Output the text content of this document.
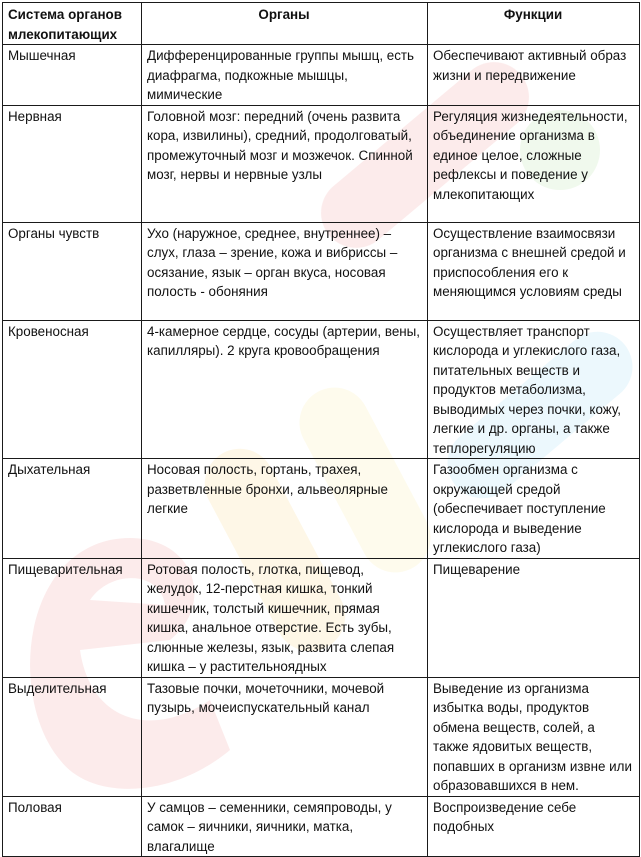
Система органов млекопитающих	Органы	Функции
Мышечная	Дифференцированные группы мышц, есть диафрагма, подкожные мышцы, мимические	Обеспечивают активный образ жизни и передвижение
Нервная	Головной мозг: передний (очень развита кора, извилины), средний, продолговатый, промежуточный мозг и мозжечок. Спинной мозг, нервы и нервные узлы	Регуляция жизнедеятельности, объединение организма в единое целое, сложные рефлексы и поведение у млекопитающих
Органы чувств	Ухо (наружное, среднее, внутреннее) – слух, глаза – зрение, кожа и вибриссы – осязание, язык – орган вкуса, носовая полость - обоняния	Осуществление взаимосвязи организма с внешней средой и приспособления его к меняющимся условиям среды
Кровеносная	4-камерное сердце, сосуды (артерии, вены, капилляры). 2 круга кровообращения	Осуществляет транспорт кислорода и углекислого газа, питательных веществ и продуктов метаболизма, выводимых через почки, кожу, легкие и др. органы, а также теплорегуляцию
Дыхательная	Носовая полость, гортань, трахея, разветвленные бронхи, альвеолярные легкие	Газообмен организма с окружающей средой (обеспечивает поступление кислорода и выведение углекислого газа)
Пищеварительная	Ротовая полость, глотка, пищевод, желудок, 12-перстная кишка, тонкий кишечник, толстый кишечник, прямая кишка, анальное отверстие. Есть зубы, слюнные железы, язык, развита слепая кишка – у растительноядных	Пищеварение
Выделительная	Тазовые почки, мочеточники, мочевой пузырь, мочеиспускательный канал	Выведение из организма избытка воды, продуктов обмена веществ, солей, а также ядовитых веществ, попавших в организм извне или образовавшихся в нем.
Половая	У самцов – семенники, семяпроводы, у самок – яичники, яичники, матка, влагалище	Воспроизведение себе подобных
